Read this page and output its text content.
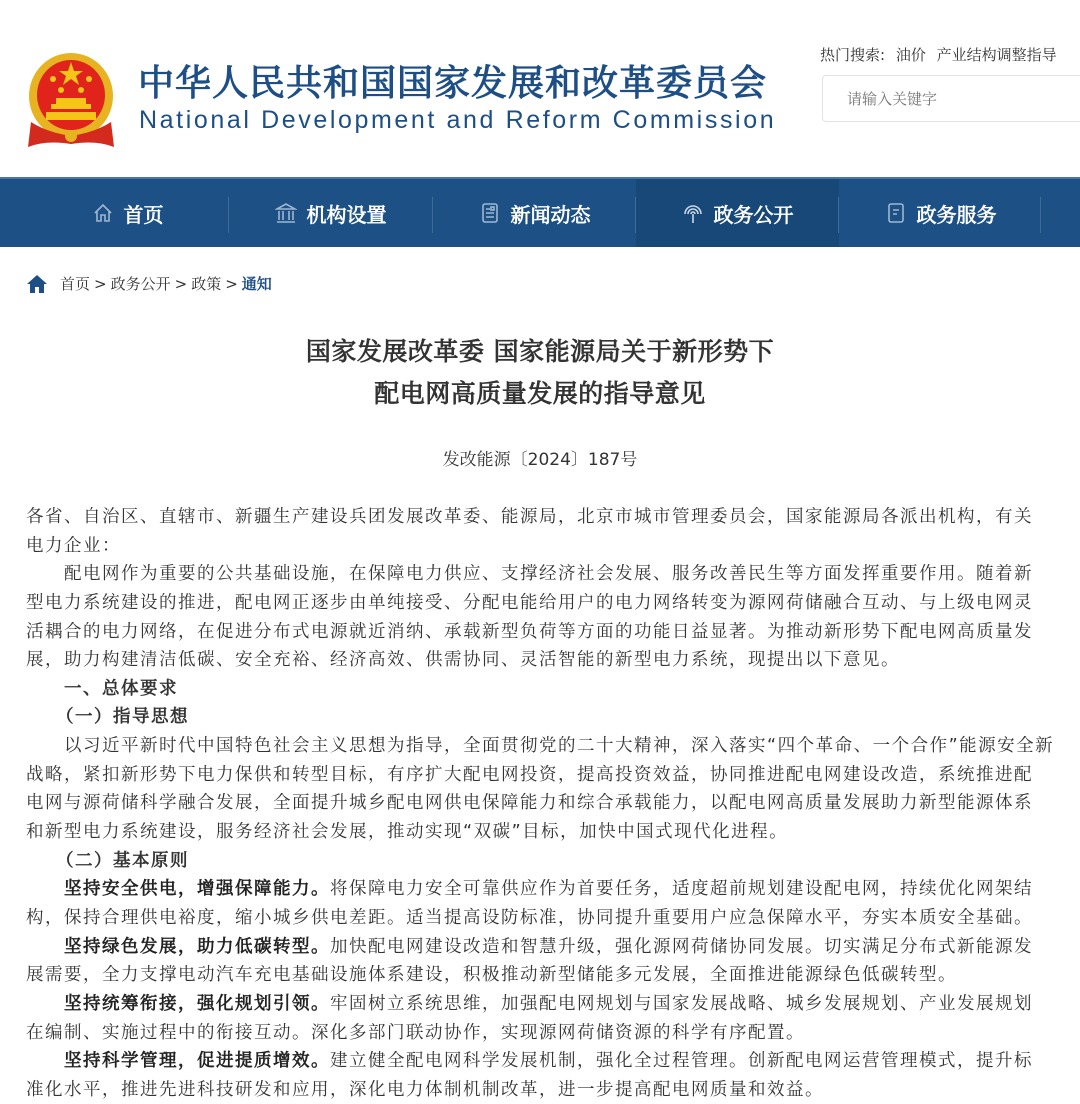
中华人民共和国国家发展和改革委员会
National Development and Reform Commission
热门搜索: 油价 产业结构调整指导
请输入关键字
首页	机构设置	新闻动态	政务公开	政务服务
首页 > 政务公开 > 政策 > 通知
国家发展改革委 国家能源局关于新形势下
配电网高质量发展的指导意见
发改能源〔2024〕187号
各省、自治区、直辖市、新疆生产建设兵团发展改革委、能源局，北京市城市管理委员会，国家能源局各派出机构，有关
电力企业：
配电网作为重要的公共基础设施，在保障电力供应、支撑经济社会发展、服务改善民生等方面发挥重要作用。随着新
型电力系统建设的推进，配电网正逐步由单纯接受、分配电能给用户的电力网络转变为源网荷储融合互动、与上级电网灵
活耦合的电力网络，在促进分布式电源就近消纳、承载新型负荷等方面的功能日益显著。为推动新形势下配电网高质量发
展，助力构建清洁低碳、安全充裕、经济高效、供需协同、灵活智能的新型电力系统，现提出以下意见。
一、总体要求
（一）指导思想
以习近平新时代中国特色社会主义思想为指导，全面贯彻党的二十大精神，深入落实“四个革命、一个合作”能源安全新
战略，紧扣新形势下电力保供和转型目标，有序扩大配电网投资，提高投资效益，协同推进配电网建设改造，系统推进配
电网与源荷储科学融合发展，全面提升城乡配电网供电保障能力和综合承载能力，以配电网高质量发展助力新型能源体系
和新型电力系统建设，服务经济社会发展，推动实现“双碳”目标，加快中国式现代化进程。
（二）基本原则
坚持安全供电，增强保障能力。将保障电力安全可靠供应作为首要任务，适度超前规划建设配电网，持续优化网架结
构，保持合理供电裕度，缩小城乡供电差距。适当提高设防标准，协同提升重要用户应急保障水平，夯实本质安全基础。
坚持绿色发展，助力低碳转型。加快配电网建设改造和智慧升级，强化源网荷储协同发展。切实满足分布式新能源发
展需要，全力支撑电动汽车充电基础设施体系建设，积极推动新型储能多元发展，全面推进能源绿色低碳转型。
坚持统筹衔接，强化规划引领。牢固树立系统思维，加强配电网规划与国家发展战略、城乡发展规划、产业发展规划
在编制、实施过程中的衔接互动。深化多部门联动协作，实现源网荷储资源的科学有序配置。
坚持科学管理，促进提质增效。建立健全配电网科学发展机制，强化全过程管理。创新配电网运营管理模式，提升标
准化水平，推进先进科技研发和应用，深化电力体制机制改革，进一步提高配电网质量和效益。
